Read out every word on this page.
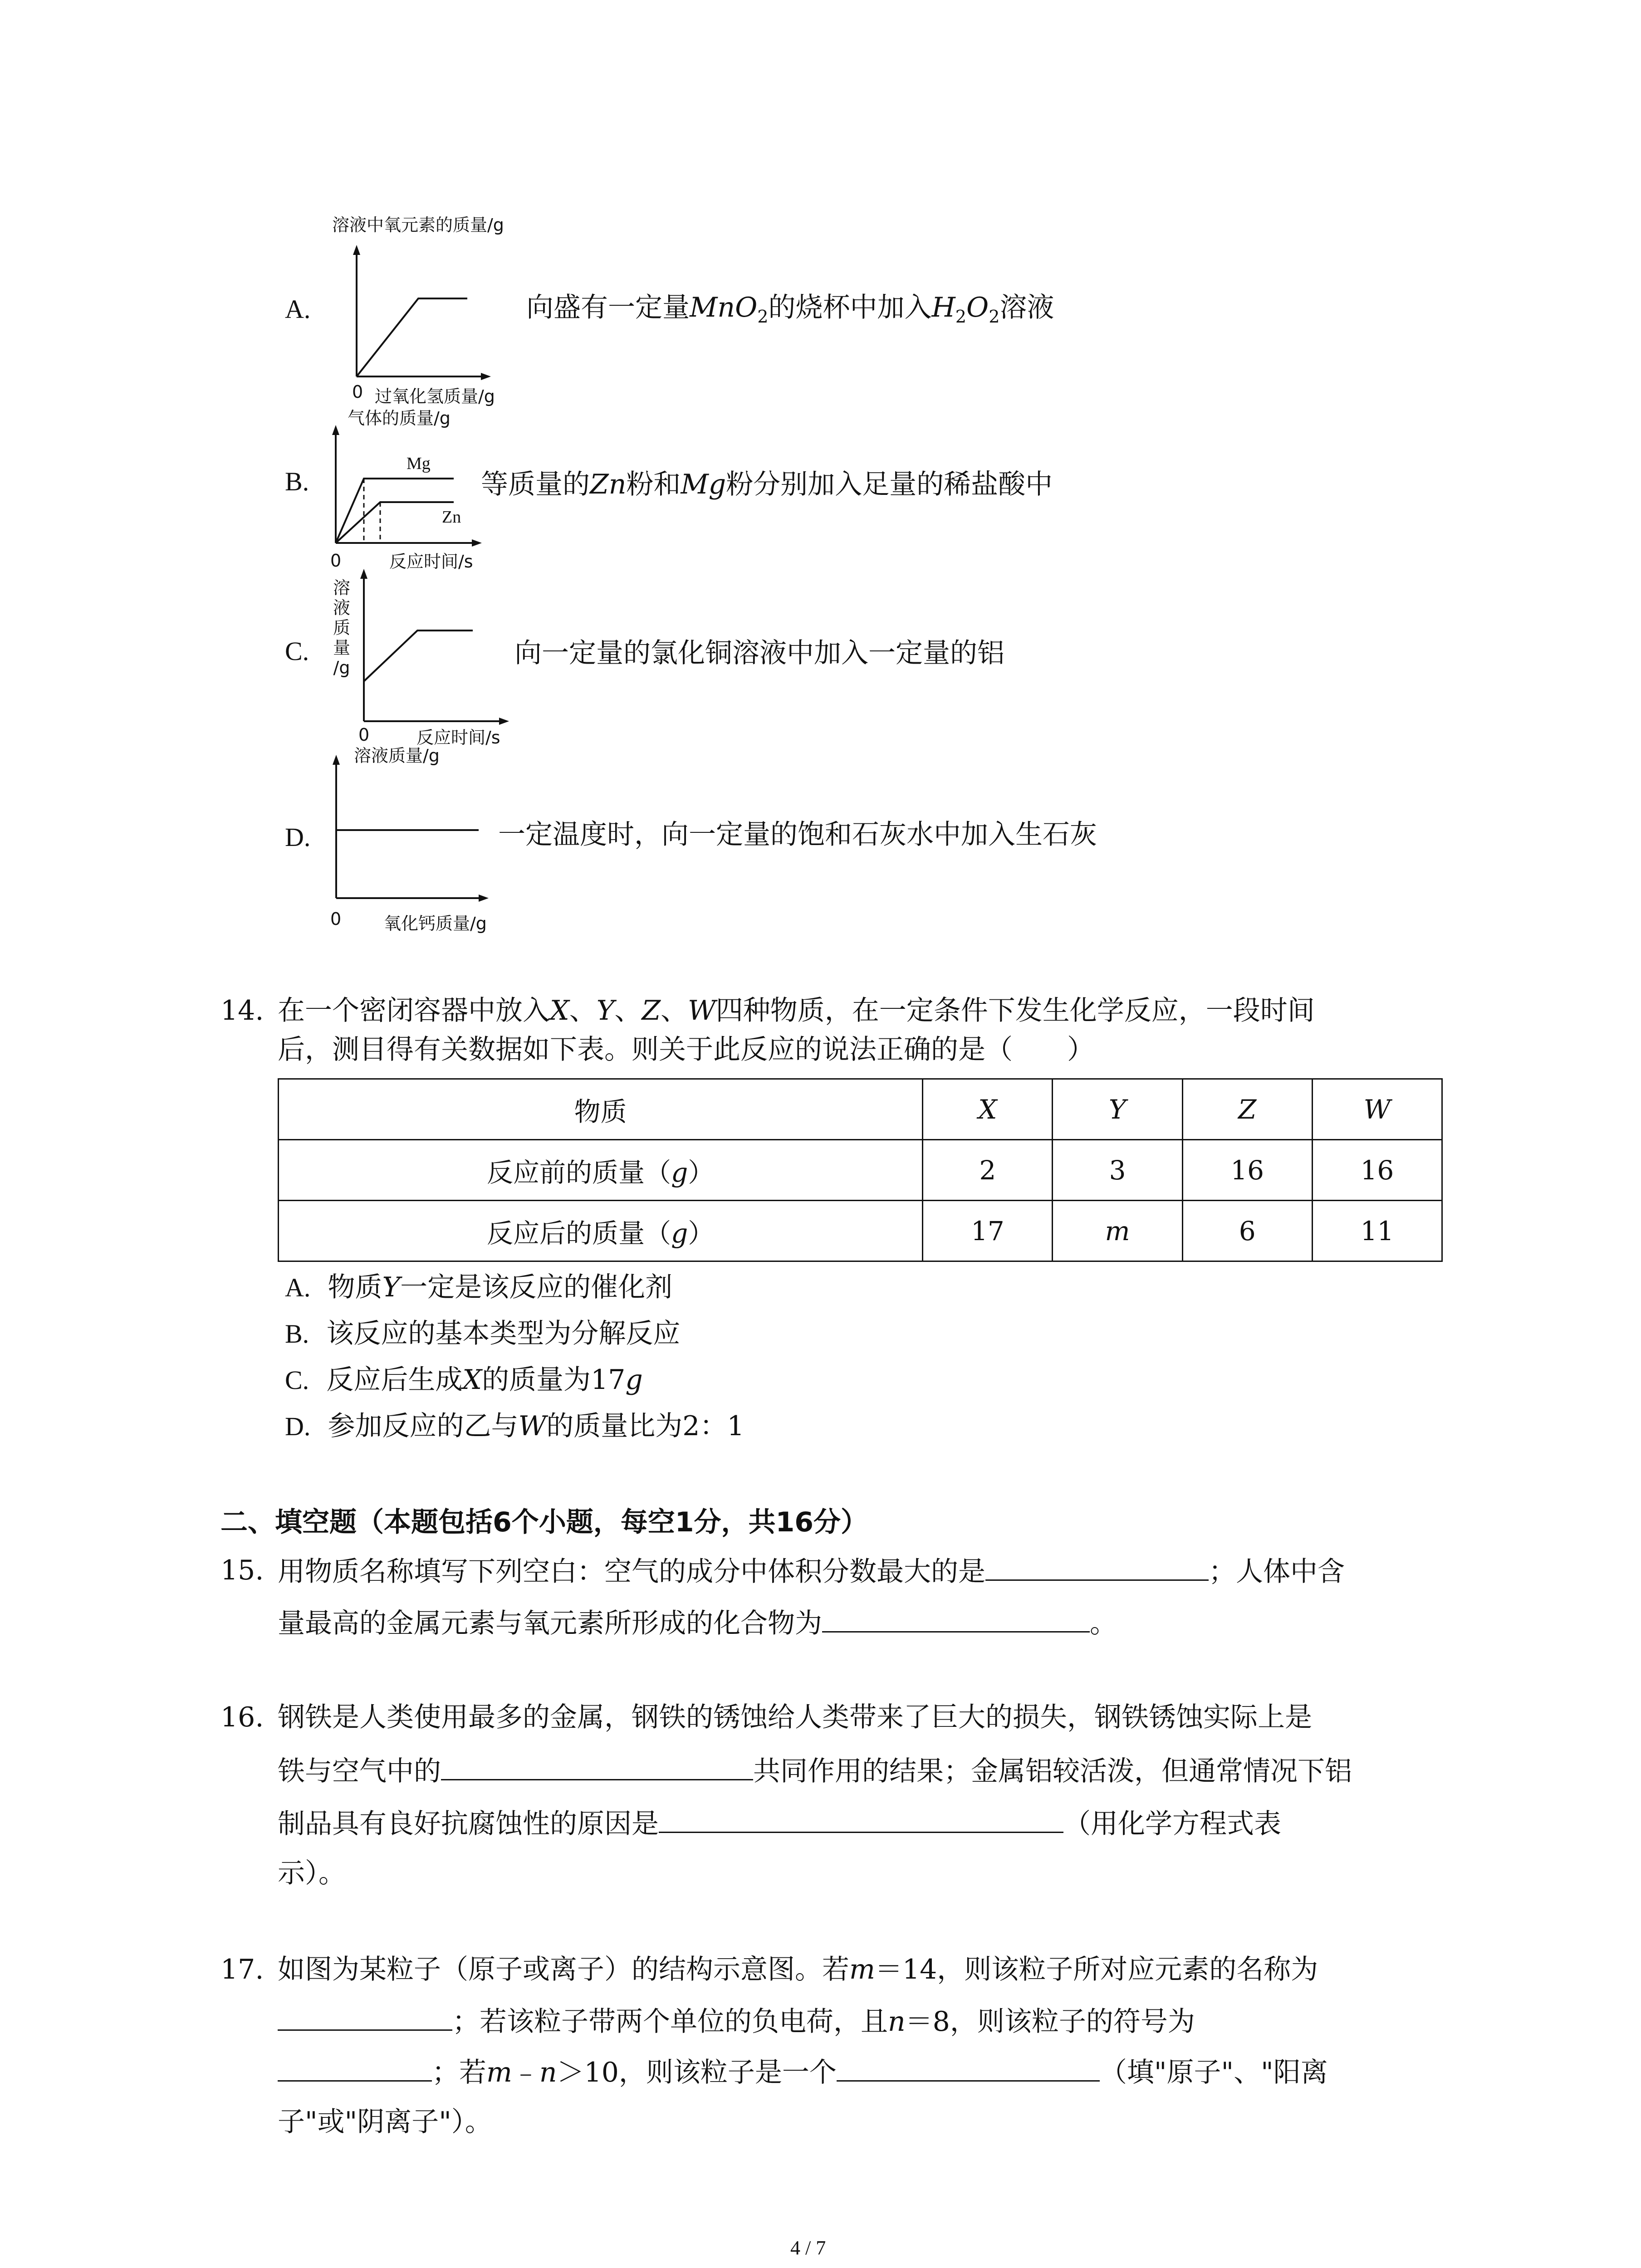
A.
溶液中氧元素的质量/g
0 过氧化氢质量/g
向盛有一定量MnO$_2$的烧杯中加入$H_2O_2$溶液
气体的质量/g
B.
Mg
Zn
0	反应时间/s
等质量的Zn粉和Mg粉分别加入足量的稀盐酸中
溶
液
质
量
/g
C.
0	反应时间/s
向一定量的氯化铜溶液中加入一定量的铝
溶液质量/g
D.
0 氧化钙质量/g
一定温度时，向一定量的饱和石灰水中加入生石灰
14. 在一个密闭容器中放入X、Y、Z、W四种物质，在一定条件下发生化学反应，一段时间
后，测目得有关数据如下表。则关于此反应的说法正确的是（　　）
物质	X	Y	Z	W
反应前的质量（g）	2	3	16	16
反应后的质量（g）	17	m	6	11
A. 物质Y一定是该反应的催化剂
B. 该反应的基本类型为分解反应
C. 反应后生成X的质量为17g
D. 参加反应的乙与W的质量比为2：1
二、填空题（本题包括6个小题，每空1分，共16分）
15. 用物质名称填写下列空白：空气的成分中体积分数最大的是	；人体中含
量最高的金属元素与氧元素所形成的化合物为	。
16. 钢铁是人类使用最多的金属，钢铁的锈蚀给人类带来了巨大的损失，钢铁锈蚀实际上是
铁与空气中的	共同作用的结果；金属铝较活泼，但通常情况下铝
制品具有良好抗腐蚀性的原因是	（用化学方程式表
示）。
17. 如图为某粒子（原子或离子）的结构示意图。若m＝14，则该粒子所对应元素的名称为
；若该粒子带两个单位的负电荷，且n＝8，则该粒子的符号为
；若m﹣n＞10，则该粒子是一个	（填"原子"、"阳离
子"或"阴离子"）。
4 / 7
